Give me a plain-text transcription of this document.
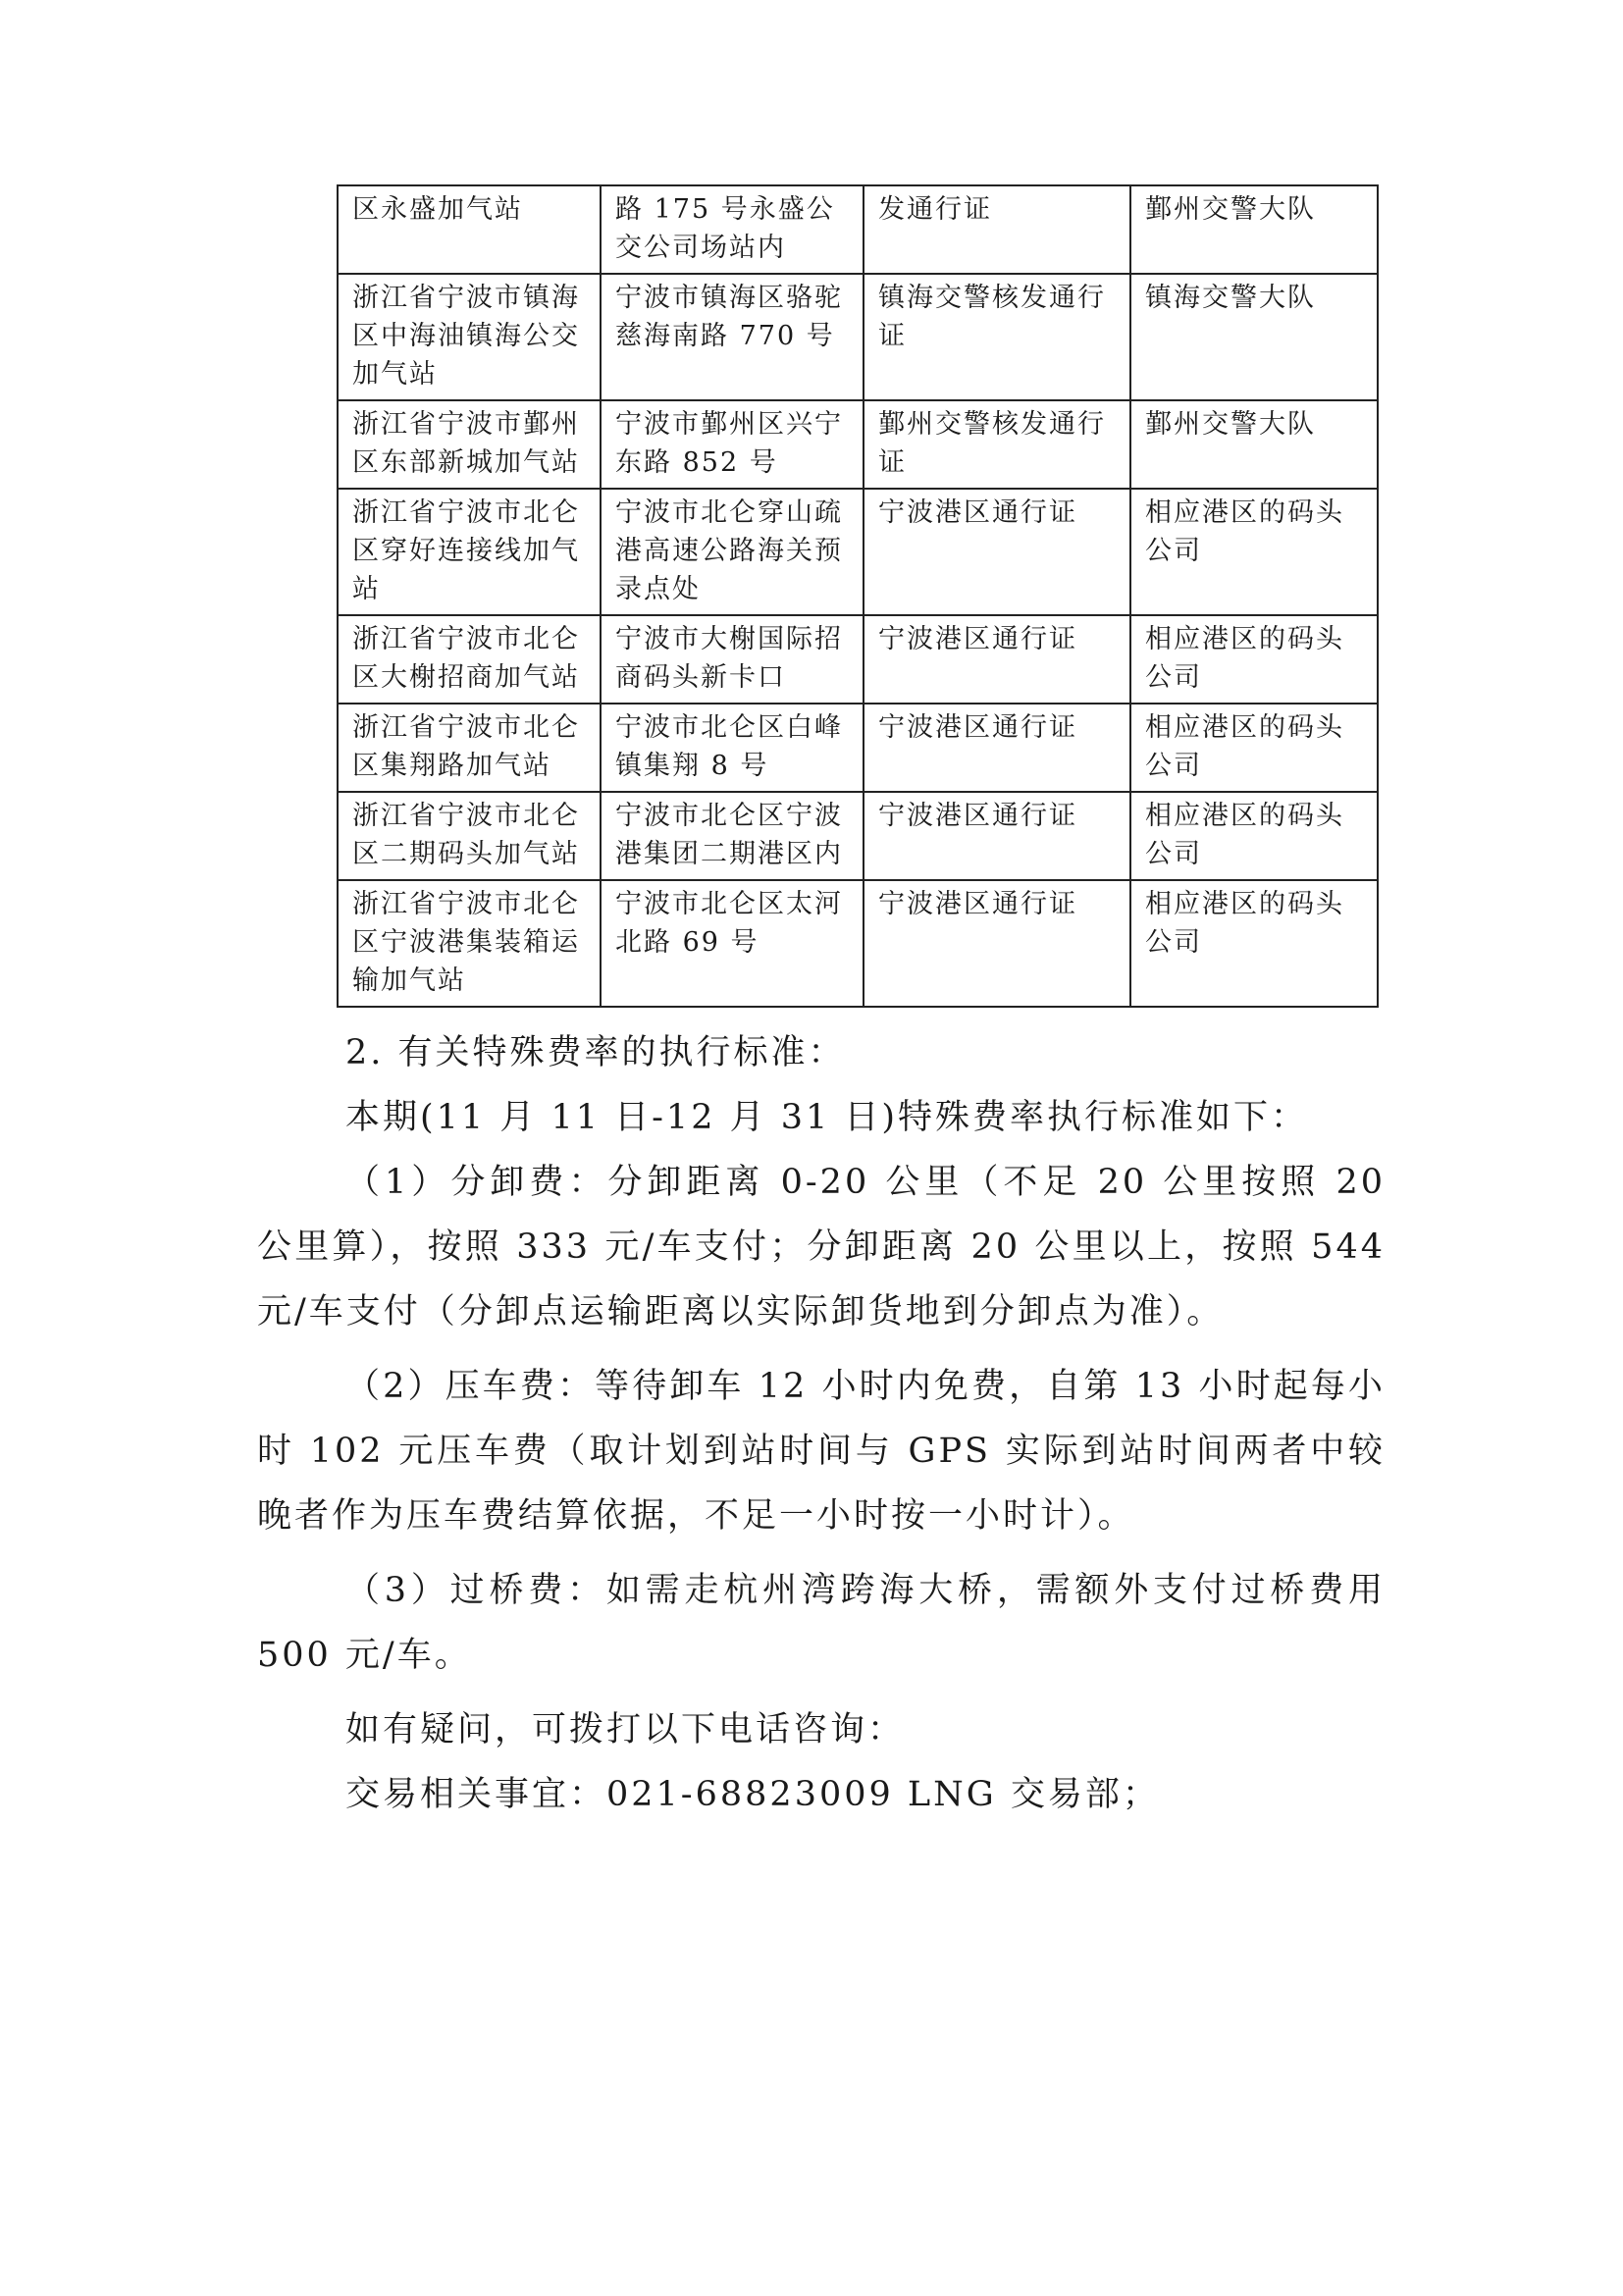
区永盛加气站	路 175 号永盛公交公司场站内	发通行证	鄞州交警大队
浙江省宁波市镇海区中海油镇海公交加气站	宁波市镇海区骆驼慈海南路 770 号	镇海交警核发通行证	镇海交警大队
浙江省宁波市鄞州区东部新城加气站	宁波市鄞州区兴宁东路 852 号	鄞州交警核发通行证	鄞州交警大队
浙江省宁波市北仑区穿好连接线加气站	宁波市北仑穿山疏港高速公路海关预录点处	宁波港区通行证	相应港区的码头公司
浙江省宁波市北仑区大榭招商加气站	宁波市大榭国际招商码头新卡口	宁波港区通行证	相应港区的码头公司
浙江省宁波市北仑区集翔路加气站	宁波市北仑区白峰镇集翔 8 号	宁波港区通行证	相应港区的码头公司
浙江省宁波市北仑区二期码头加气站	宁波市北仑区宁波港集团二期港区内	宁波港区通行证	相应港区的码头公司
浙江省宁波市北仑区宁波港集装箱运输加气站	宁波市北仑区太河北路 69 号	宁波港区通行证	相应港区的码头公司

2. 有关特殊费率的执行标准：

本期(11 月 11 日-12 月 31 日)特殊费率执行标准如下：

（1）分卸费：分卸距离 0-20 公里（不足 20 公里按照 20 公里算），按照 333 元/车支付；分卸距离 20 公里以上，按照 544 元/车支付（分卸点运输距离以实际卸货地到分卸点为准）。

（2）压车费：等待卸车 12 小时内免费，自第 13 小时起每小时 102 元压车费（取计划到站时间与 GPS 实际到站时间两者中较晚者作为压车费结算依据，不足一小时按一小时计）。

（3）过桥费：如需走杭州湾跨海大桥，需额外支付过桥费用 500 元/车。

如有疑问，可拨打以下电话咨询：

交易相关事宜：021-68823009 LNG 交易部；
